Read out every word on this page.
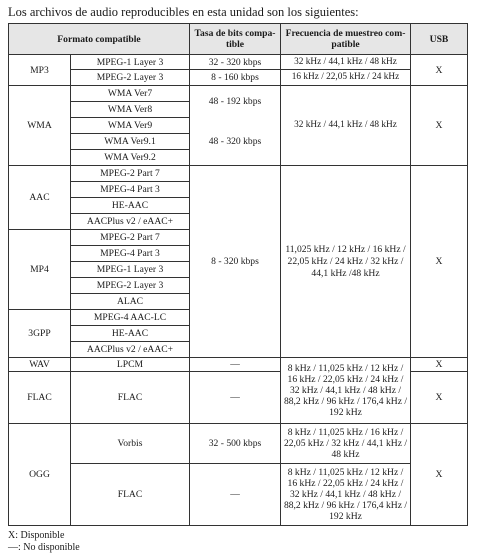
Los archivos de audio reproducibles en esta unidad son los siguientes:
Formato compatible		Tasa de bits compa-tible	Frecuencia de muestreo com-patible	USB
MP3	MPEG-1 Layer 3	32 - 320 kbps	32 kHz / 44,1 kHz / 48 kHz	X
	MPEG-2 Layer 3	8 - 160 kbps	16 kHz / 22,05 kHz / 24 kHz	
WMA	WMA Ver7	48 - 192 kbps	32 kHz / 44,1 kHz / 48 kHz	X
	WMA Ver8			
	WMA Ver9	48 - 320 kbps		
	WMA Ver9.1			
	WMA Ver9.2			
AAC	MPEG-2 Part 7	8 - 320 kbps	11,025 kHz / 12 kHz / 16 kHz / 22,05 kHz / 24 kHz / 32 kHz / 44,1 kHz /48 kHz	X
	MPEG-4 Part 3			
	HE-AAC			
	AACPlus v2 / eAAC+			
MP4	MPEG-2 Part 7			
	MPEG-4 Part 3			
	MPEG-1 Layer 3			
	MPEG-2 Layer 3			
	ALAC			
3GPP	MPEG-4 AAC-LC			
	HE-AAC			
	AACPlus v2 / eAAC+			
WAV	LPCM	—	8 kHz / 11,025 kHz / 12 kHz / 16 kHz / 22,05 kHz / 24 kHz / 32 kHz / 44,1 kHz / 48 kHz / 88,2 kHz / 96 kHz / 176,4 kHz / 192 kHz	X
FLAC	FLAC	—		X
OGG	Vorbis	32 - 500 kbps	8 kHz / 11,025 kHz / 16 kHz / 22,05 kHz / 32 kHz / 44,1 kHz / 48 kHz	X
	FLAC	—	8 kHz / 11,025 kHz / 12 kHz / 16 kHz / 22,05 kHz / 24 kHz / 32 kHz / 44,1 kHz / 48 kHz / 88,2 kHz / 96 kHz / 176,4 kHz / 192 kHz	
X: Disponible
—: No disponible
